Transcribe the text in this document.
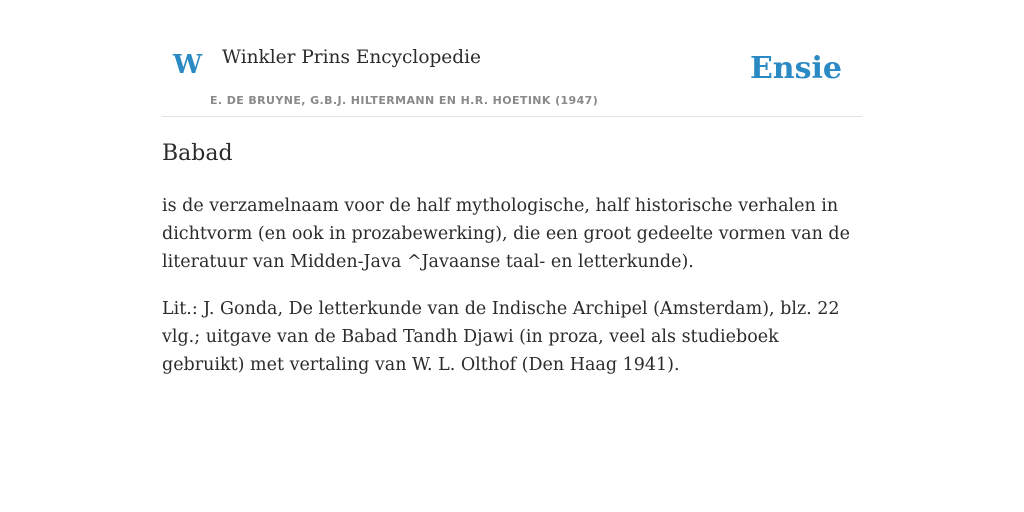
W Winkler Prins Encyclopedie
E. DE BRUYNE, G.B.J. HILTERMANN EN H.R. HOETINK (1947)
Ensie
Babad

is de verzamelnaam voor de half mythologische, half historische verhalen in dichtvorm (en ook in prozabewerking), die een groot gedeelte vormen van de literatuur van Midden-Java ^Javaanse taal- en letterkunde).

Lit.: J. Gonda, De letterkunde van de Indische Archipel (Amsterdam), blz. 22 vlg.; uitgave van de Babad Tandh Djawi (in proza, veel als studieboek gebruikt) met vertaling van W. L. Olthof (Den Haag 1941).
